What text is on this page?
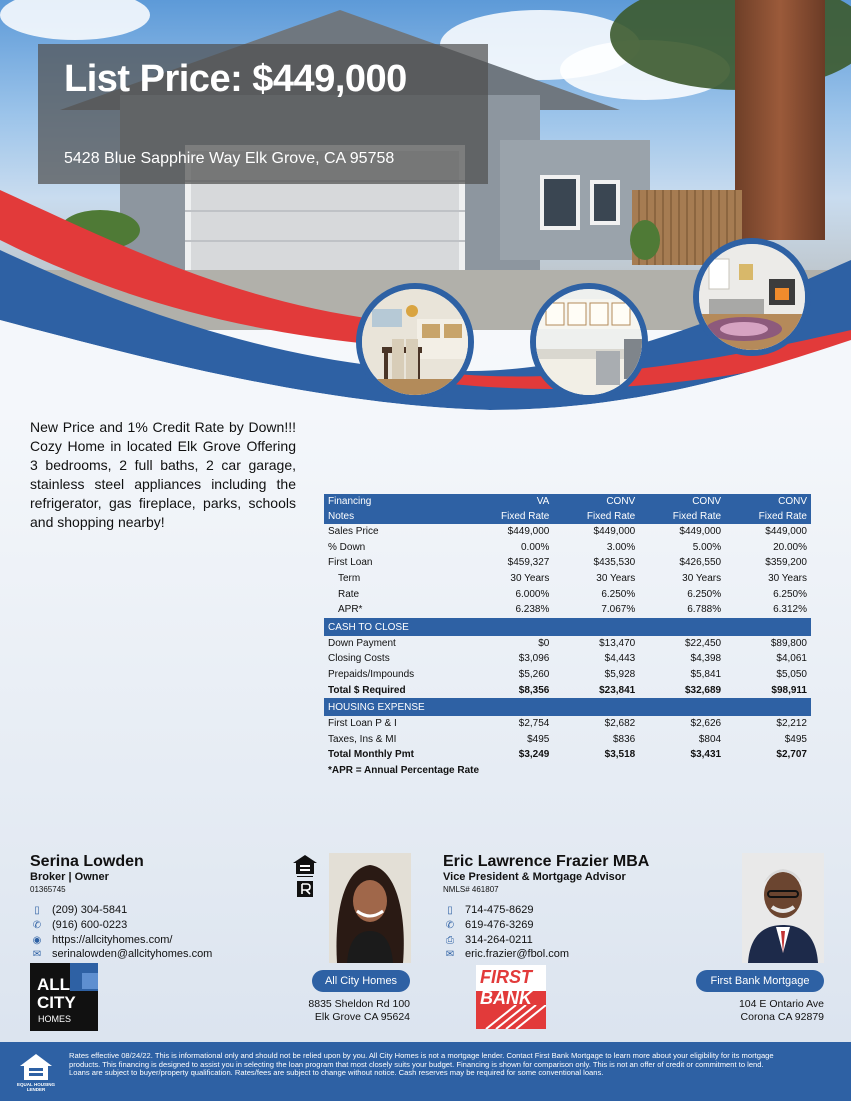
List Price: $449,000
5428 Blue Sapphire Way Elk Grove, CA 95758
New Price and 1% Credit Rate by Down!!! Cozy Home in located Elk Grove Offering 3 bedrooms, 2 full baths, 2 car garage, stainless steel appliances including the refrigerator, gas fireplace, parks, schools and shopping nearby!
Financing	VA	CONV	CONV	CONV
Notes	Fixed Rate	Fixed Rate	Fixed Rate	Fixed Rate
Sales Price	$449,000	$449,000	$449,000	$449,000
% Down	0.00%	3.00%	5.00%	20.00%
First Loan	$459,327	$435,530	$426,550	$359,200
Term	30 Years	30 Years	30 Years	30 Years
Rate	6.000%	6.250%	6.250%	6.250%
APR*	6.238%	7.067%	6.788%	6.312%
CASH TO CLOSE				
Down Payment	$0	$13,470	$22,450	$89,800
Closing Costs	$3,096	$4,443	$4,398	$4,061
Prepaids/Impounds	$5,260	$5,928	$5,841	$5,050
Total $ Required	$8,356	$23,841	$32,689	$98,911
HOUSING EXPENSE				
First Loan P & I	$2,754	$2,682	$2,626	$2,212
Taxes, Ins & MI	$495	$836	$804	$495
Total Monthly Pmt	$3,249	$3,518	$3,431	$2,707
*APR = Annual Percentage Rate
Serina Lowden
Broker | Owner
01365745
▯	(209) 304-5841
✆ (916) 600-0223
◉ https://allcityhomes.com/
✉ serinalowden@allcityhomes.com
ALL
CITY
HOMES
All City Homes
8835 Sheldon Rd 100
Elk Grove CA 95624
Eric Lawrence Frazier MBA
Vice President & Mortgage Advisor
NMLS# 461807
▯	714-475-8629
✆ 619-476-3269
⎙ 314-264-0211
✉ eric.frazier@fbol.com
FIRST
BANK
First Bank Mortgage
104 E Ontario Ave
Corona CA 92879
EQUAL HOUSING LENDER
Rates effective 08/24/22. This is informational only and should not be relied upon by you. All City Homes is not a mortgage lender. Contact First Bank Mortgage to learn more about your eligibility for its mortgage products. This financing is designed to assist you in selecting the loan program that most closely suits your budget. Financing is shown for comparison only. This is not an offer of credit or commitment to lend. Loans are subject to buyer/property qualification. Rates/fees are subject to change without notice. Cash reserves may be required for some conventional loans.
